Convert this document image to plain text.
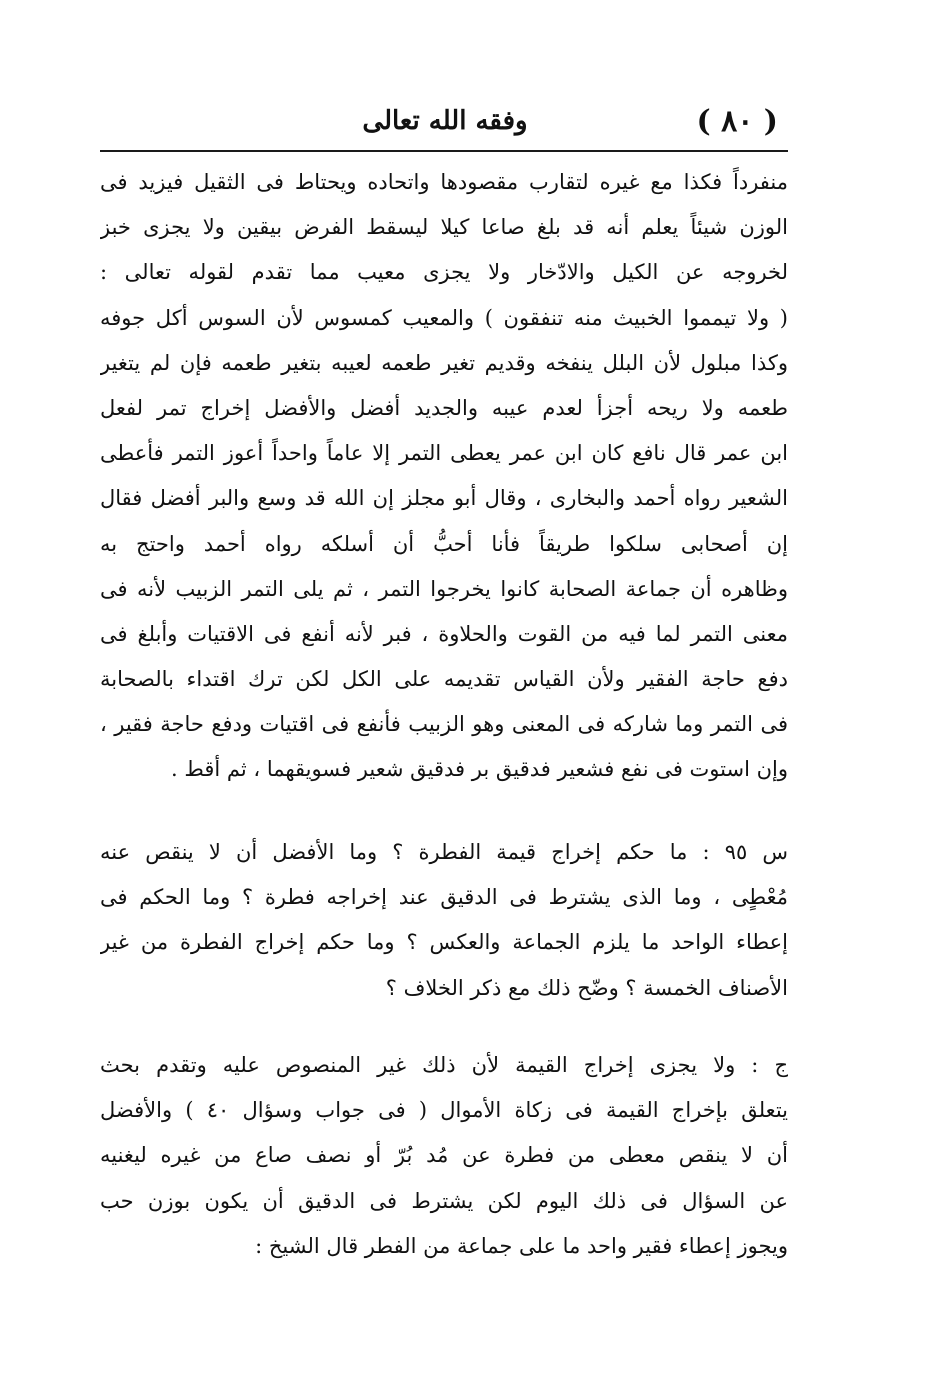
( ٨٠ )
وفقه الله تعالى
منفرداً فكذا مع غيره لتقارب مقصودها واتحاده ويحتاط فى الثقيل فيزيد فى
الوزن شيئاً يعلم أنه قد بلغ صاعا كيلا ليسقط الفرض بيقين ولا يجزى خبز
لخروجه عن الكيل والادّخار ولا يجزى معيب مما تقدم لقوله تعالى :
( ولا تيمموا الخبيث منه تنفقون ) والمعيب كمسوس لأن السوس أكل جوفه
وكذا مبلول لأن البلل ينفخه وقديم تغير طعمه لعيبه بتغير طعمه فإن لم يتغير
طعمه ولا ريحه أجزأ لعدم عيبه والجديد أفضل والأفضل إخراج تمر لفعل
ابن عمر قال نافع كان ابن عمر يعطى التمر إلا عاماً واحداً أعوز التمر فأعطى
الشعير رواه أحمد والبخارى ، وقال أبو مجلز إن الله قد وسع والبر أفضل فقال
إن أصحابى سلكوا طريقاً فأنا أحبُّ أن أسلكه رواه أحمد واحتج به
وظاهره أن جماعة الصحابة كانوا يخرجوا التمر ، ثم يلى التمر الزبيب لأنه فى
معنى التمر لما فيه من القوت والحلاوة ، فبر لأنه أنفع فى الاقتيات وأبلغ فى
دفع حاجة الفقير ولأن القياس تقديمه على الكل لكن ترك اقتداء بالصحابة
فى التمر وما شاركه فى المعنى وهو الزبيب فأنفع فى اقتيات ودفع حاجة فقير ،
وإن استوت فى نفع فشعير فدقيق بر فدقيق شعير فسويقهما ، ثم أقط .
س ٩٥ : ما حكم إخراج قيمة الفطرة ؟ وما الأفضل أن لا ينقص عنه
مُعْطٍى ، وما الذى يشترط فى الدقيق عند إخراجه فطرة ؟ وما الحكم فى
إعطاء الواحد ما يلزم الجماعة والعكس ؟ وما حكم إخراج الفطرة من غير
الأصناف الخمسة ؟ وضّح ذلك مع ذكر الخلاف ؟
ج : ولا يجزى إخراج القيمة لأن ذلك غير المنصوص عليه وتقدم بحث
يتعلق بإخراج القيمة فى زكاة الأموال ( فى جواب وسؤال ٤٠ ) والأفضل
أن لا ينقص معطى من فطرة عن مُد بُرّ أو نصف صاع من غيره ليغنيه
عن السؤال فى ذلك اليوم لكن يشترط فى الدقيق أن يكون بوزن حب
ويجوز إعطاء فقير واحد ما على جماعة من الفطر قال الشيخ :
